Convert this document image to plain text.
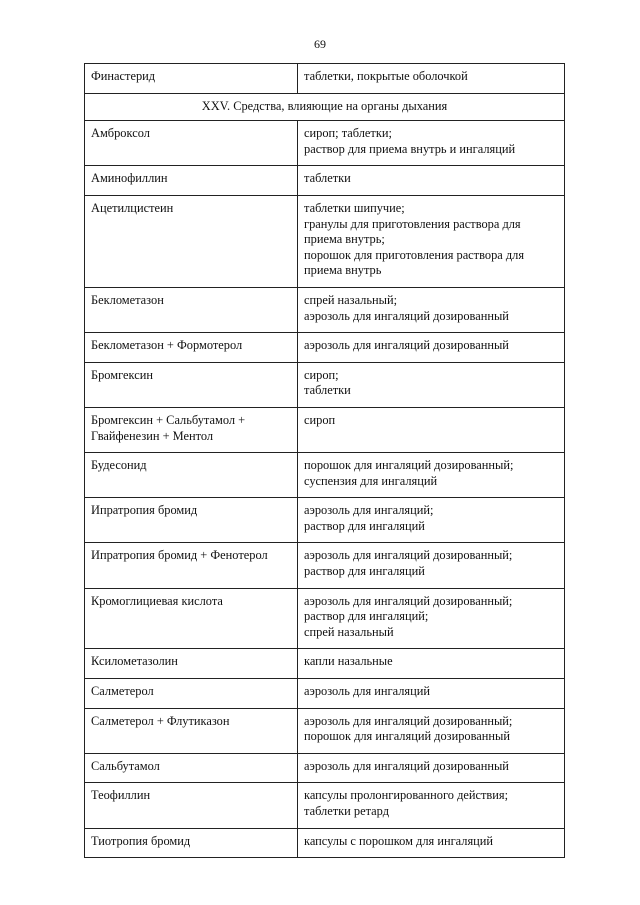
69
Финастерид	таблетки, покрытые оболочкой

XXV. Средства, влияющие на органы дыхания	
Амброксол	сироп; таблетки;
раствор для приема внутрь и ингаляций

Аминофиллин	таблетки

Ацетилцистеин	таблетки шипучие;
гранулы для приготовления раствора для
приема внутрь;
порошок для приготовления раствора для
приема внутрь

Беклометазон	спрей назальный;
аэрозоль для ингаляций дозированный

Беклометазон + Формотерол	аэрозоль для ингаляций дозированный

Бромгексин	сироп;
таблетки

Бромгексин + Сальбутамол + Гвайфенезин + Ментол	сироп

Будесонид	порошок для ингаляций дозированный;
суспензия для ингаляций

Ипратропия бромид	аэрозоль для ингаляций;
раствор для ингаляций

Ипратропия бромид + Фенотерол	аэрозоль для ингаляций дозированный;
раствор для ингаляций

Кромоглициевая кислота	аэрозоль для ингаляций дозированный;
раствор для ингаляций;
спрей назальный

Ксилометазолин	капли назальные

Салметерол	аэрозоль для ингаляций

Салметерол + Флутиказон	аэрозоль для ингаляций дозированный;
порошок для ингаляций дозированный

Сальбутамол	аэрозоль для ингаляций дозированный

Теофиллин	капсулы пролонгированного действия;
таблетки ретард

Тиотропия бромид	капсулы с порошком для ингаляций
